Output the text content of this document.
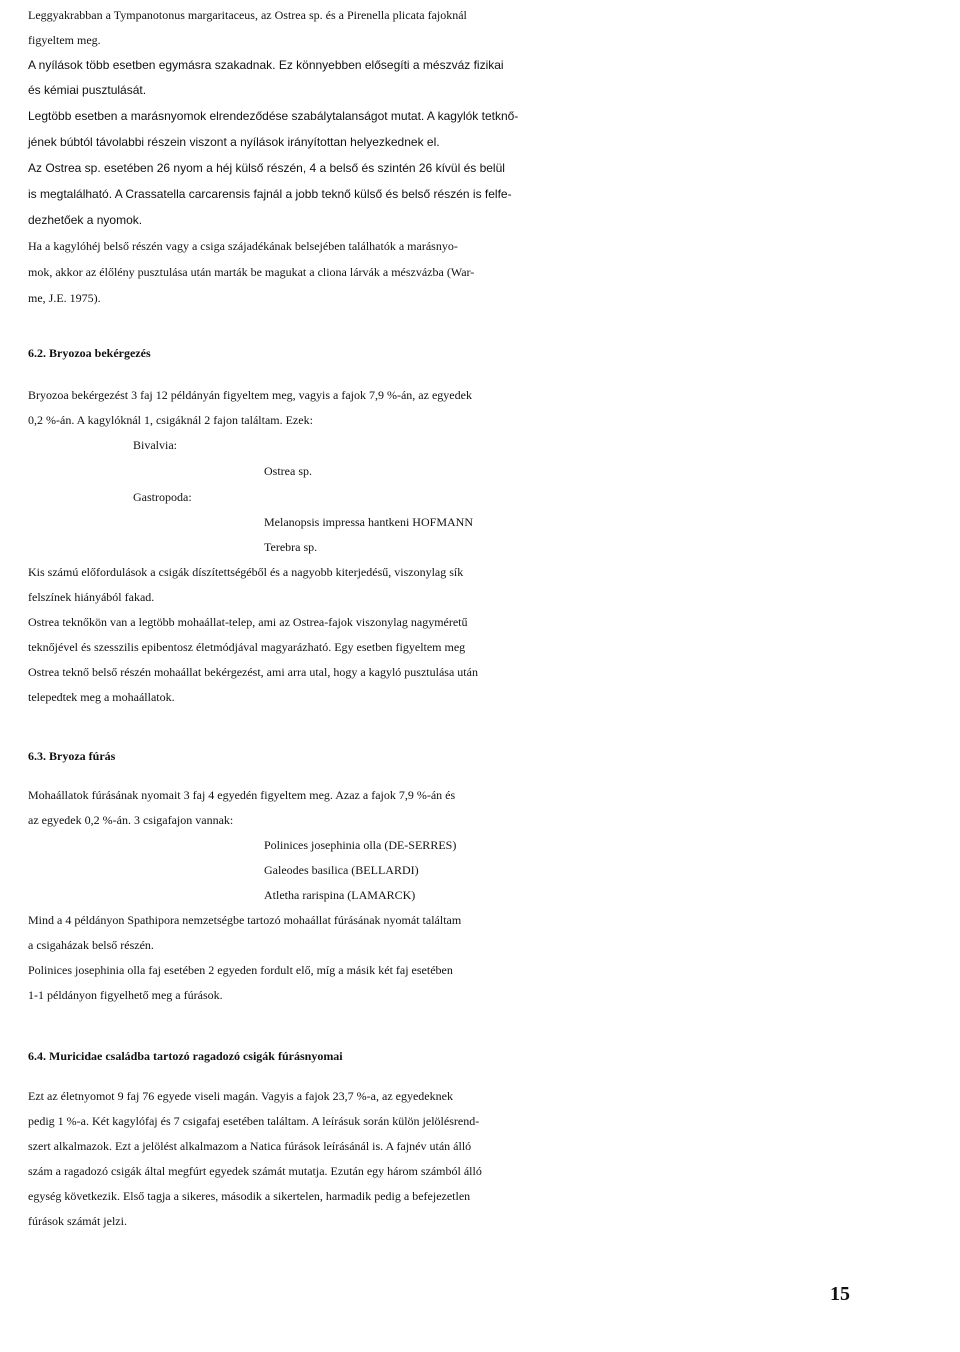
Leggyakrabban a Tympanotonus margaritaceus, az Ostrea sp. és a Pirenella plicata fajoknál
figyeltem meg.
A nyílások több esetben egymásra szakadnak. Ez könnyebben elősegíti a mészváz fizikai
és kémiai pusztulását.
Legtöbb esetben a marásnyomok elrendeződése szabálytalanságot mutat. A kagylók tetknő-
jének búbtól távolabbi részein viszont a nyílások irányítottan helyezkednek el.
Az Ostrea sp. esetében 26 nyom a héj külső részén, 4 a belső és szintén 26 kívül és belül
is megtalálható. A Crassatella carcarensis fajnál a jobb teknő külső és belső részén is felfe-
dezhetőek a nyomok.
Ha a kagylóhéj belső részén vagy a csiga szájadékának belsejében találhatók a marásnyo-
mok, akkor az élőlény pusztulása után marták be magukat a cliona lárvák a mészvázba (War-
me, J.E. 1975).
6.2. Bryozoa bekérgezés
Bryozoa bekérgezést 3 faj 12 példányán figyeltem meg, vagyis a fajok 7,9 %-án, az egyedek
0,2 %-án. A kagylóknál 1, csigáknál 2 fajon találtam. Ezek:
Bivalvia:
Ostrea sp.
Gastropoda:
Melanopsis impressa hantkeni HOFMANN
Terebra sp.
Kis számú előfordulások a csigák díszítettségéből és a nagyobb kiterjedésű, viszonylag sík
felszínek hiányából fakad.
Ostrea teknőkön van a legtöbb mohaállat-telep, ami az Ostrea-fajok viszonylag nagyméretű
teknőjével és szesszilis epibentosz életmódjával magyarázható. Egy esetben figyeltem meg
Ostrea teknő belső részén mohaállat bekérgezést, ami arra utal, hogy a kagyló pusztulása után
telepedtek meg a mohaállatok.
6.3. Bryoza fúrás
Mohaállatok fúrásának nyomait 3 faj 4 egyedén figyeltem meg. Azaz a fajok 7,9 %-án és
az egyedek 0,2 %-án. 3 csigafajon vannak:
Polinices josephinia olla (DE-SERRES)
Galeodes basilica (BELLARDI)
Atletha rarispina (LAMARCK)
Mind a 4 példányon Spathipora nemzetségbe tartozó mohaállat fúrásának nyomát találtam
a csigaházak belső részén.
Polinices josephinia olla faj esetében 2 egyeden fordult elő, míg a másik két faj esetében
1-1 példányon figyelhető meg a fúrások.
6.4. Muricidae családba tartozó ragadozó csigák fúrásnyomai
Ezt az életnyomot 9 faj 76 egyede viseli magán. Vagyis a fajok 23,7 %-a, az egyedeknek
pedig 1 %-a. Két kagylófaj és 7 csigafaj esetében találtam. A leírásuk során külön jelölésrend-
szert alkalmazok. Ezt a jelölést alkalmazom a Natica fúrások leírásánál is. A fajnév után álló
szám a ragadozó csigák által megfúrt egyedek számát mutatja. Ezután egy három számból álló
egység következik. Első tagja a sikeres, második a sikertelen, harmadik pedig a befejezetlen
fúrások számát jelzi.
15
